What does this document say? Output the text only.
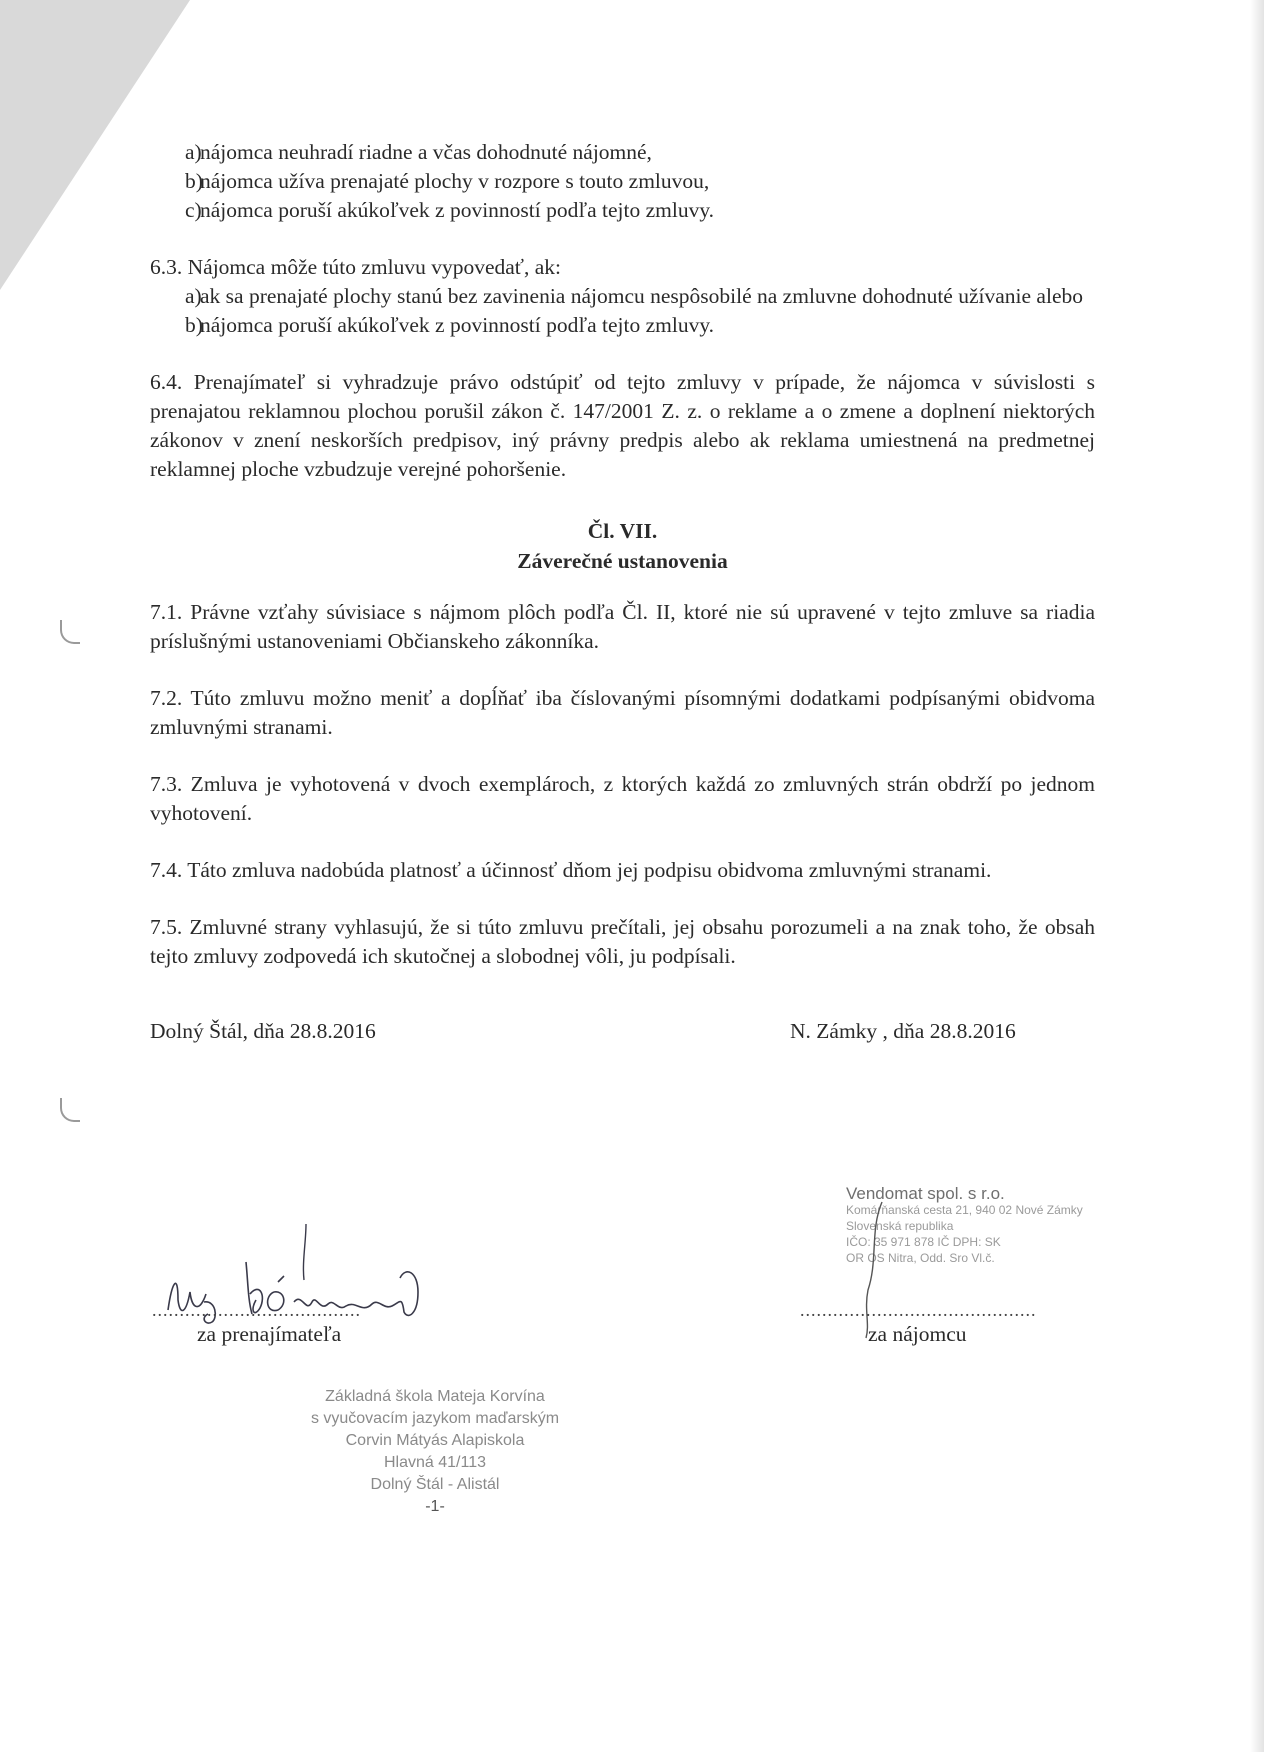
a)
nájomca neuhradí riadne a včas dohodnuté nájomné,
b)
nájomca užíva prenajaté plochy v rozpore s touto zmluvou,
c)
nájomca poruší akúkoľvek z povinností podľa tejto zmluvy.

6.3. Nájomca môže túto zmluvu vypovedať, ak:

a)
ak sa prenajaté plochy stanú bez zavinenia nájomcu nespôsobilé na zmluvne dohodnuté užívanie alebo
b)
nájomca poruší akúkoľvek z povinností podľa tejto zmluvy.

6.4. Prenajímateľ si vyhradzuje právo odstúpiť od tejto zmluvy v prípade, že nájomca v súvislosti s prenajatou reklamnou plochou porušil zákon č. 147/2001 Z. z. o reklame a o zmene a doplnení niektorých zákonov v znení neskorších predpisov, iný právny predpis alebo ak reklama umiestnená na predmetnej reklamnej ploche vzbudzuje verejné pohoršenie.

Čl. VII.

Záverečné ustanovenia

7.1. Právne vzťahy súvisiace s nájmom plôch podľa Čl. II, ktoré nie sú upravené v tejto zmluve sa riadia príslušnými ustanoveniami Občianskeho zákonníka.

7.2. Túto zmluvu možno meniť a dopĺňať iba číslovanými písomnými dodatkami podpísanými obidvoma zmluvnými stranami.

7.3. Zmluva je vyhotovená v dvoch exemplároch, z ktorých každá zo zmluvných strán obdrží po jednom vyhotovení.

7.4. Táto zmluva nadobúda platnosť a účinnosť dňom jej podpisu obidvoma zmluvnými stranami.

7.5. Zmluvné strany vyhlasujú, že si túto zmluvu prečítali, jej obsahu porozumeli a na znak toho, že obsah tejto zmluvy zodpovedá ich skutočnej a slobodnej vôli, ju podpísali.

Dolný Štál, dňa 28.8.2016	N. Zámky , dňa 28.8.2016
......................................
za prenajímateľa
Vendomat spol. s r.o.
Komárňanská cesta 21, 940 02 Nové Zámky
Slovenská republika
IČO: 35 971 878 IČ DPH: SK
OR OS Nitra, Odd. Sro Vl.č.
...........................................
za nájomcu
Základná škola Mateja Korvína
s vyučovacím jazykom maďarským
Corvin Mátyás Alapiskola
Hlavná 41/113
Dolný Štál - Alistál
-1-
